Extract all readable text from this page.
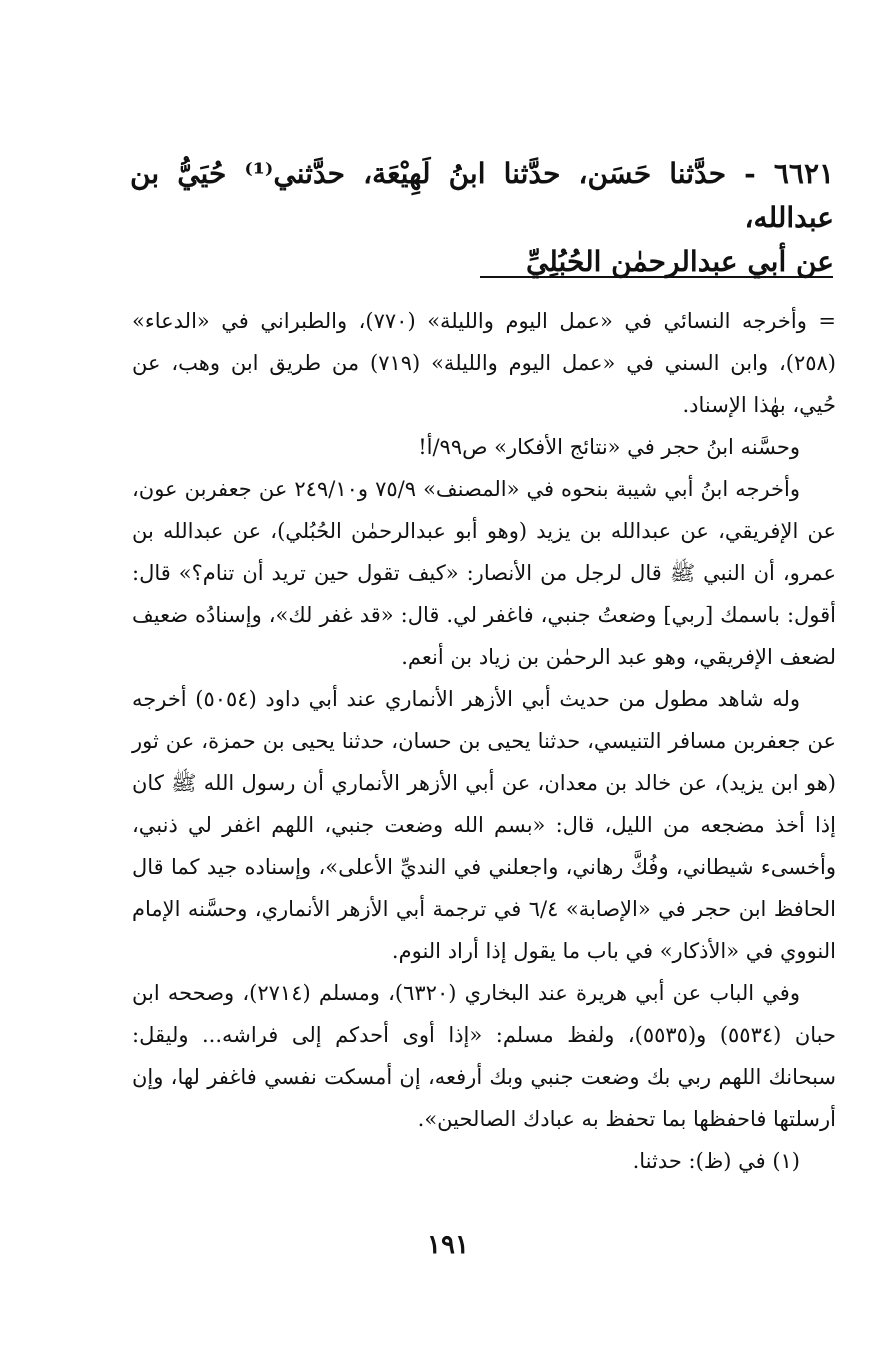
٦٦٢١ - حدَّثنا حَسَن، حدَّثنا ابنُ لَهِيْعَة، حدَّثني⁽¹⁾ حُيَيُّ بن عبدالله،

عن أبي عبدالرحمٰن الحُبُلِيِّ

= وأخرجه النسائي في «عمل اليوم والليلة» (٧٧٠)، والطبراني في «الدعاء» (٢٥٨)، وابن السني في «عمل اليوم والليلة» (٧١٩) من طريق ابن وهب، عن حُيي، بهٰذا الإسناد.

وحسَّنه ابنُ حجر في «نتائج الأفكار» ص٩٩/أ!

وأخرجه ابنُ أبي شيبة بنحوه في «المصنف» ٧٥/٩ و٢٤٩/١٠ عن جعفربن عون، عن الإفريقي، عن عبدالله بن يزيد (وهو أبو عبدالرحمٰن الحُبُلي)، عن عبدالله بن عمرو، أن النبي ﷺ قال لرجل من الأنصار: «كيف تقول حين تريد أن تنام؟» قال: أقول: باسمك [ربي] وضعتُ جنبي، فاغفر لي. قال: «قد غفر لك»، وإسنادُه ضعيف لضعف الإفريقي، وهو عبد الرحمٰن بن زياد بن أنعم.

وله شاهد مطول من حديث أبي الأزهر الأنماري عند أبي داود (٥٠٥٤) أخرجه عن جعفربن مسافر التنيسي، حدثنا يحيى بن حسان، حدثنا يحيى بن حمزة، عن ثور (هو ابن يزيد)، عن خالد بن معدان، عن أبي الأزهر الأنماري أن رسول الله ﷺ كان إذا أخذ مضجعه من الليل، قال: «بسم الله وضعت جنبي، اللهم اغفر لي ذنبي، وأخسىء شيطاني، وفُكَّ رهاني، واجعلني في النديِّ الأعلى»، وإسناده جيد كما قال الحافظ ابن حجر في «الإصابة» ٦/٤ في ترجمة أبي الأزهر الأنماري، وحسَّنه الإمام النووي في «الأذكار» في باب ما يقول إذا أراد النوم.

وفي الباب عن أبي هريرة عند البخاري (٦٣٢٠)، ومسلم (٢٧١٤)، وصححه ابن حبان (٥٥٣٤) و(٥٥٣٥)، ولفظ مسلم: «إذا أوى أحدكم إلى فراشه... وليقل: سبحانك اللهم ربي بك وضعت جنبي وبك أرفعه، إن أمسكت نفسي فاغفر لها، وإن أرسلتها فاحفظها بما تحفظ به عبادك الصالحين».

(١) في (ظ): حدثنا.

١٩١
